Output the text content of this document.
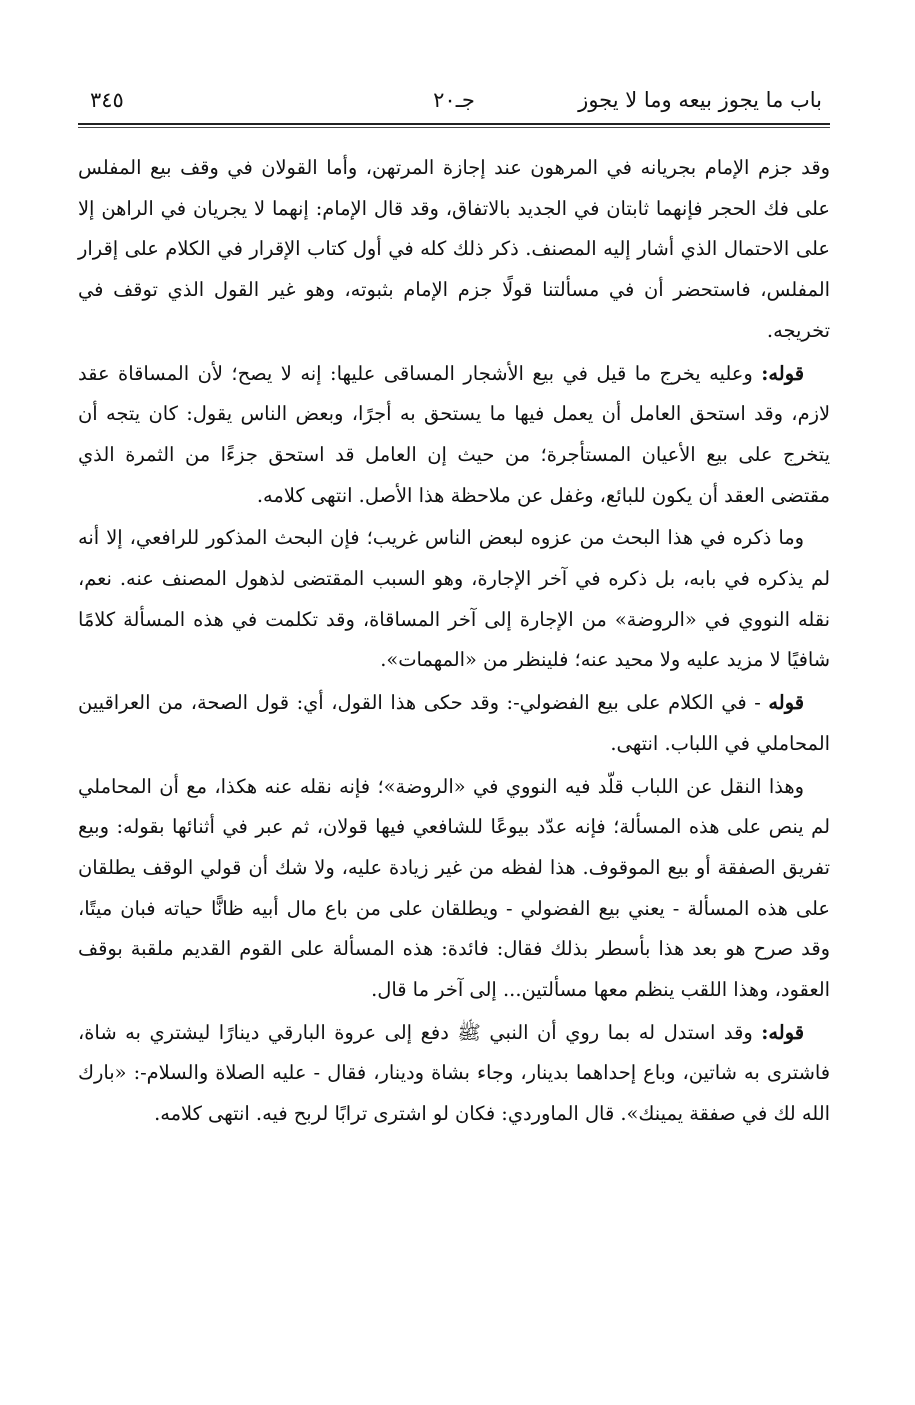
باب ما يجوز بيعه وما لا يجوز
جـ٢٠
٣٤٥

وقد جزم الإمام بجريانه في المرهون عند إجازة المرتهن، وأما القولان في وقف بيع المفلس على فك الحجر فإنهما ثابتان في الجديد بالاتفاق، وقد قال الإمام: إنهما لا يجريان في الراهن إلا على الاحتمال الذي أشار إليه المصنف. ذكر ذلك كله في أول كتاب الإقرار في الكلام على إقرار المفلس، فاستحضر أن في مسألتنا قولًا جزم الإمام بثبوته، وهو غير القول الذي توقف في تخريجه.

قوله: وعليه يخرج ما قيل في بيع الأشجار المساقى عليها: إنه لا يصح؛ لأن المساقاة عقد لازم، وقد استحق العامل أن يعمل فيها ما يستحق به أجرًا، وبعض الناس يقول: كان يتجه أن يتخرج على بيع الأعيان المستأجرة؛ من حيث إن العامل قد استحق جزءًا من الثمرة الذي مقتضى العقد أن يكون للبائع، وغفل عن ملاحظة هذا الأصل. انتهى كلامه.

وما ذكره في هذا البحث من عزوه لبعض الناس غريب؛ فإن البحث المذكور للرافعي، إلا أنه لم يذكره في بابه، بل ذكره في آخر الإجارة، وهو السبب المقتضى لذهول المصنف عنه. نعم، نقله النووي في «الروضة» من الإجارة إلى آخر المساقاة، وقد تكلمت في هذه المسألة كلامًا شافيًا لا مزيد عليه ولا محيد عنه؛ فلينظر من «المهمات».

قوله - في الكلام على بيع الفضولي-: وقد حكى هذا القول، أي: قول الصحة، من العراقيين المحاملي في اللباب. انتهى.

وهذا النقل عن اللباب قلّد فيه النووي في «الروضة»؛ فإنه نقله عنه هكذا، مع أن المحاملي لم ينص على هذه المسألة؛ فإنه عدّد بيوعًا للشافعي فيها قولان، ثم عبر في أثنائها بقوله: وبيع تفريق الصفقة أو بيع الموقوف. هذا لفظه من غير زيادة عليه، ولا شك أن قولي الوقف يطلقان على هذه المسألة - يعني بيع الفضولي - ويطلقان على من باع مال أبيه ظانًّا حياته فبان ميتًا، وقد صرح هو بعد هذا بأسطر بذلك فقال: فائدة: هذه المسألة على القوم القديم ملقبة بوقف العقود، وهذا اللقب ينظم معها مسألتين... إلى آخر ما قال.

قوله: وقد استدل له بما روي أن النبي ﷺ دفع إلى عروة البارقي دينارًا ليشتري به شاة، فاشترى به شاتين، وباع إحداهما بدينار، وجاء بشاة ودينار، فقال - عليه الصلاة والسلام-: «بارك الله لك في صفقة يمينك». قال الماوردي: فكان لو اشترى ترابًا لربح فيه. انتهى كلامه.
